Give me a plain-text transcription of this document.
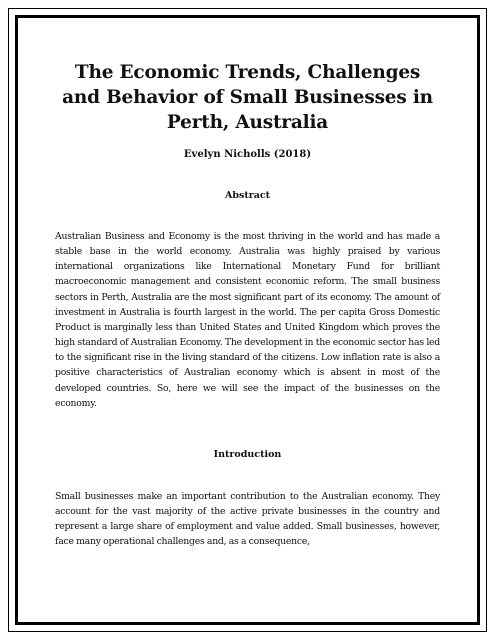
The Economic Trends, Challenges and Behavior of Small Businesses in Perth, Australia
Evelyn Nicholls (2018)
Abstract

Australian Business and Economy is the most thriving in the world and has made a stable base in the world economy. Australia was highly praised by various international organizations like International Monetary Fund for brilliant macroeconomic management and consistent economic reform. The small business sectors in Perth, Australia are the most significant part of its economy. The amount of investment in Australia is fourth largest in the world. The per capita Gross Domestic Product is marginally less than United States and United Kingdom which proves the high standard of Australian Economy. The development in the economic sector has led to the significant rise in the living standard of the citizens. Low inflation rate is also a positive characteristics of Australian economy which is absent in most of the developed countries. So, here we will see the impact of the businesses on the economy.

Introduction

Small businesses make an important contribution to the Australian economy. They account for the vast majority of the active private businesses in the country and represent a large share of employment and value added. Small businesses, however, face many operational challenges and, as a consequence,
